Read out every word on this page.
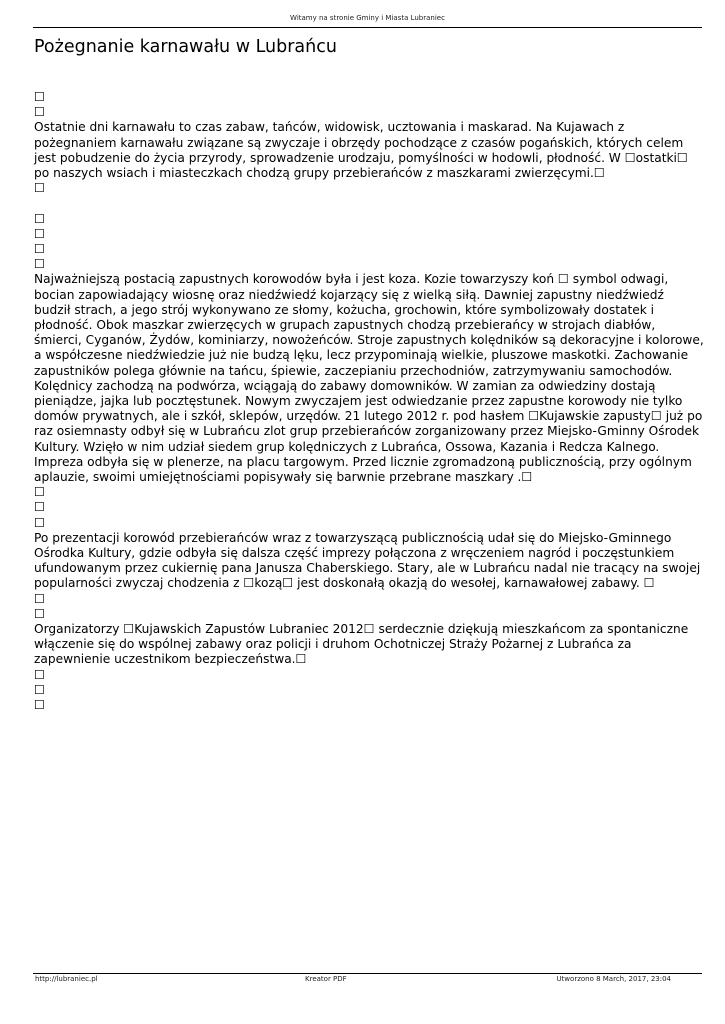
Witamy na stronie Gminy i Miasta Lubraniec
Pożegnanie karnawału w Lubrańcu

☐

☐

Ostatnie dni karnawału to czas zabaw, tańców, widowisk, ucztowania i maskarad. Na Kujawach z pożegnaniem karnawału związane są zwyczaje i obrzędy pochodzące z czasów pogańskich, których celem jest pobudzenie do życia przyrody, sprowadzenie urodzaju, pomyślności w hodowli, płodność. W ☐ostatki☐ po naszych wsiach i miasteczkach chodzą grupy przebierańców z maszkarami zwierzęcymi.☐

☐

☐

☐

☐

☐

Najważniejszą postacią zapustnych korowodów była i jest koza. Kozie towarzyszy koń ☐ symbol odwagi, bocian zapowiadający wiosnę oraz niedźwiedź kojarzący się z wielką siłą. Dawniej zapustny niedźwiedź budził strach, a jego strój wykonywano ze słomy, kożucha, grochowin, które symbolizowały dostatek i płodność. Obok maszkar zwierzęcych w grupach zapustnych chodzą przebierańcy w strojach diabłów, śmierci, Cyganów, Żydów, kominiarzy, nowożeńców. Stroje zapustnych kolędników są dekoracyjne i kolorowe, a współczesne niedźwiedzie już nie budzą lęku, lecz przypominają wielkie, pluszowe maskotki. Zachowanie zapustników polega głównie na tańcu, śpiewie, zaczepianiu przechodniów, zatrzymywaniu samochodów. Kolędnicy zachodzą na podwórza, wciągają do zabawy domowników. W zamian za odwiedziny dostają pieniądze, jajka lub pocztęstunek. Nowym zwyczajem jest odwiedzanie przez zapustne korowody nie tylko domów prywatnych, ale i szkół, sklepów, urzędów. 21 lutego 2012 r. pod hasłem ☐Kujawskie zapusty☐ już po raz osiemnasty odbył się w Lubrańcu zlot grup przebierańców zorganizowany przez Miejsko-Gminny Ośrodek Kultury. Wzięło w nim udział siedem grup kolędniczych z Lubrańca, Ossowa, Kazania i Redcza Kalnego. Impreza odbyła się w plenerze, na placu targowym. Przed licznie zgromadzoną publicznością, przy ogólnym aplauzie, swoimi umiejętnościami popisywały się barwnie przebrane maszkary .☐

☐

☐

☐

Po prezentacji korowód przebierańców wraz z towarzyszącą publicznością udał się do Miejsko-Gminnego Ośrodka Kultury, gdzie odbyła się dalsza część imprezy połączona z wręczeniem nagród i poczęstunkiem ufundowanym przez cukiernię pana Janusza Chaberskiego. Stary, ale w Lubrańcu nadal nie tracący na swojej popularności zwyczaj chodzenia z ☐kozą☐ jest doskonałą okazją do wesołej, karnawałowej zabawy. ☐

☐

☐

Organizatorzy ☐Kujawskich Zapustów Lubraniec 2012☐ serdecznie dziękują mieszkańcom za spontaniczne włączenie się do wspólnej zabawy oraz policji i druhom Ochotniczej Straży Pożarnej z Lubrańca za zapewnienie uczestnikom bezpieczeństwa.☐

☐

☐

☐

http://lubraniec.pl	Kreator PDF	Utworzono 8 March, 2017, 23:04
